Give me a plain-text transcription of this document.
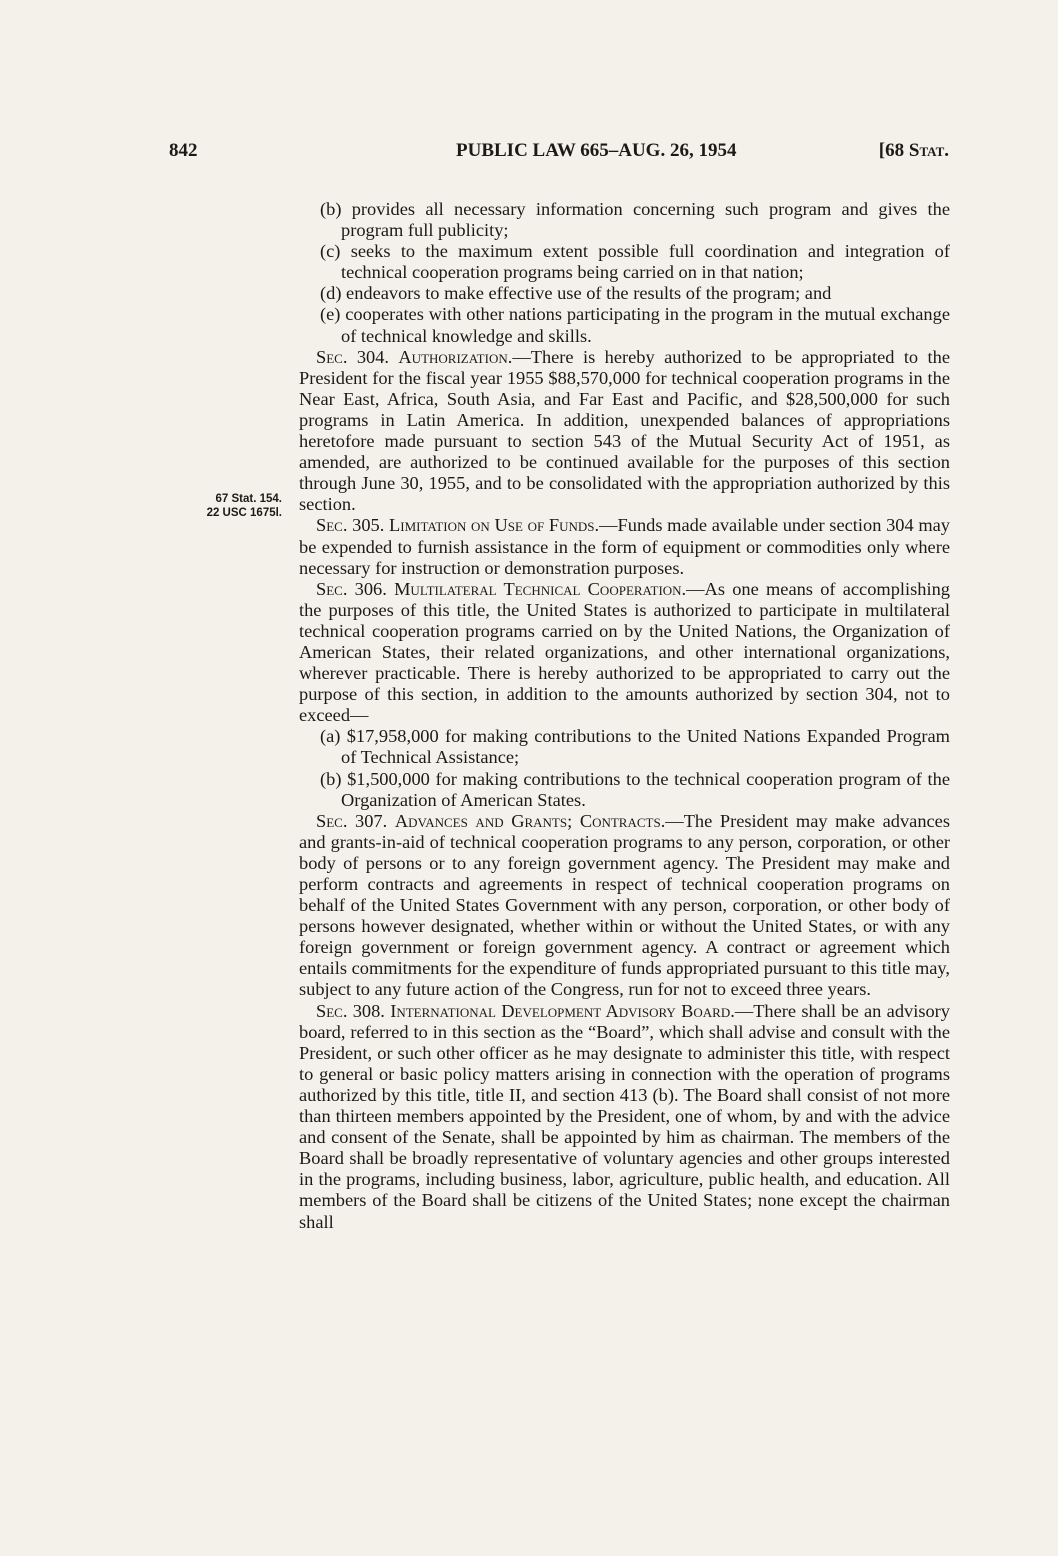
842	PUBLIC LAW 665–AUG. 26, 1954	[68 Stat.
67 Stat. 154.
22 USC 1675l.

(b) provides all necessary information concerning such program and gives the program full publicity;

(c) seeks to the maximum extent possible full coordination and integration of technical cooperation programs being carried on in that nation;

(d) endeavors to make effective use of the results of the program; and

(e) cooperates with other nations participating in the program in the mutual exchange of technical knowledge and skills.

Sec. 304. Authorization.—There is hereby authorized to be appropriated to the President for the fiscal year 1955 $88,570,000 for technical cooperation programs in the Near East, Africa, South Asia, and Far East and Pacific, and $28,500,000 for such programs in Latin America. In addition, unexpended balances of appropriations heretofore made pursuant to section 543 of the Mutual Security Act of 1951, as amended, are authorized to be continued available for the purposes of this section through June 30, 1955, and to be consolidated with the appropriation authorized by this section.

Sec. 305. Limitation on Use of Funds.—Funds made available under section 304 may be expended to furnish assistance in the form of equipment or commodities only where necessary for instruction or demonstration purposes.

Sec. 306. Multilateral Technical Cooperation.—As one means of accomplishing the purposes of this title, the United States is authorized to participate in multilateral technical cooperation programs carried on by the United Nations, the Organization of American States, their related organizations, and other international organizations, wherever practicable. There is hereby authorized to be appropriated to carry out the purpose of this section, in addition to the amounts authorized by section 304, not to exceed—

(a) $17,958,000 for making contributions to the United Nations Expanded Program of Technical Assistance;

(b) $1,500,000 for making contributions to the technical cooperation program of the Organization of American States.

Sec. 307. Advances and Grants; Contracts.—The President may make advances and grants-in-aid of technical cooperation programs to any person, corporation, or other body of persons or to any foreign government agency. The President may make and perform contracts and agreements in respect of technical cooperation programs on behalf of the United States Government with any person, corporation, or other body of persons however designated, whether within or without the United States, or with any foreign government or foreign government agency. A contract or agreement which entails commitments for the expenditure of funds appropriated pursuant to this title may, subject to any future action of the Congress, run for not to exceed three years.

Sec. 308. International Development Advisory Board.—There shall be an advisory board, referred to in this section as the “Board”, which shall advise and consult with the President, or such other officer as he may designate to administer this title, with respect to general or basic policy matters arising in connection with the operation of programs authorized by this title, title II, and section 413 (b). The Board shall consist of not more than thirteen members appointed by the President, one of whom, by and with the advice and consent of the Senate, shall be appointed by him as chairman. The members of the Board shall be broadly representative of voluntary agencies and other groups interested in the programs, including business, labor, agriculture, public health, and education. All members of the Board shall be citizens of the United States; none except the chairman shall
